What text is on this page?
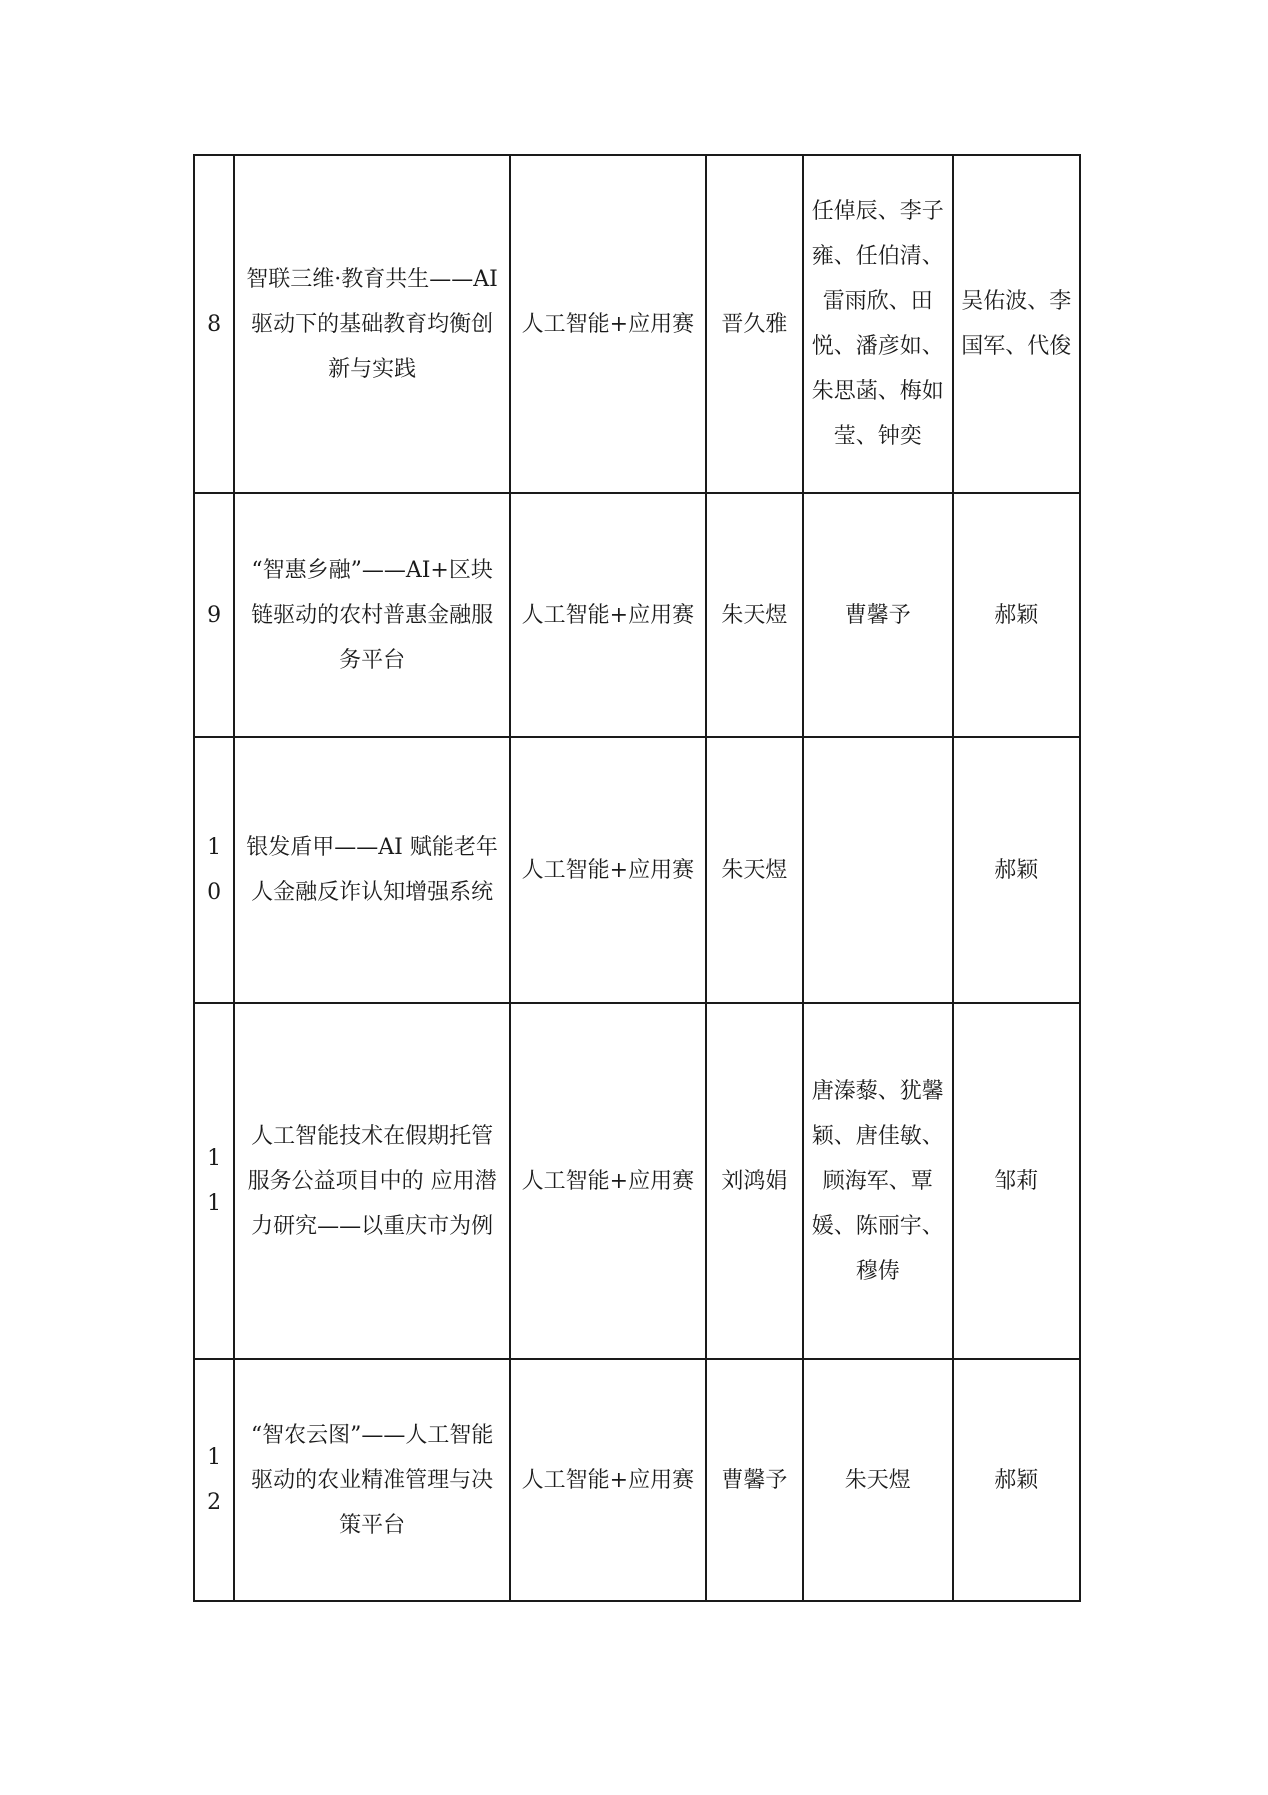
8	智联三维·教育共生——AI 驱动下的基础教育均衡创新与实践	人工智能+应用赛	晋久雅	任倬辰、李子雍、任伯清、雷雨欣、田悦、潘彦如、朱思菡、梅如莹、钟奕	吴佑波、李国军、代俊

9	“智惠乡融”——AI+区块链驱动的农村普惠金融服务平台	人工智能+应用赛	朱天煜	曹馨予	郝颖

10	银发盾甲——AI 赋能老年人金融反诈认知增强系统	人工智能+应用赛	朱天煜		郝颖

11	人工智能技术在假期托管服务公益项目中的 应用潜力研究——以重庆市为例	人工智能+应用赛	刘鸿娟	唐溱藜、犹馨颖、唐佳敏、顾海军、覃媛、陈丽宇、穆俦	邹莉

12	“智农云图”——人工智能驱动的农业精准管理与决策平台	人工智能+应用赛	曹馨予	朱天煜	郝颖
